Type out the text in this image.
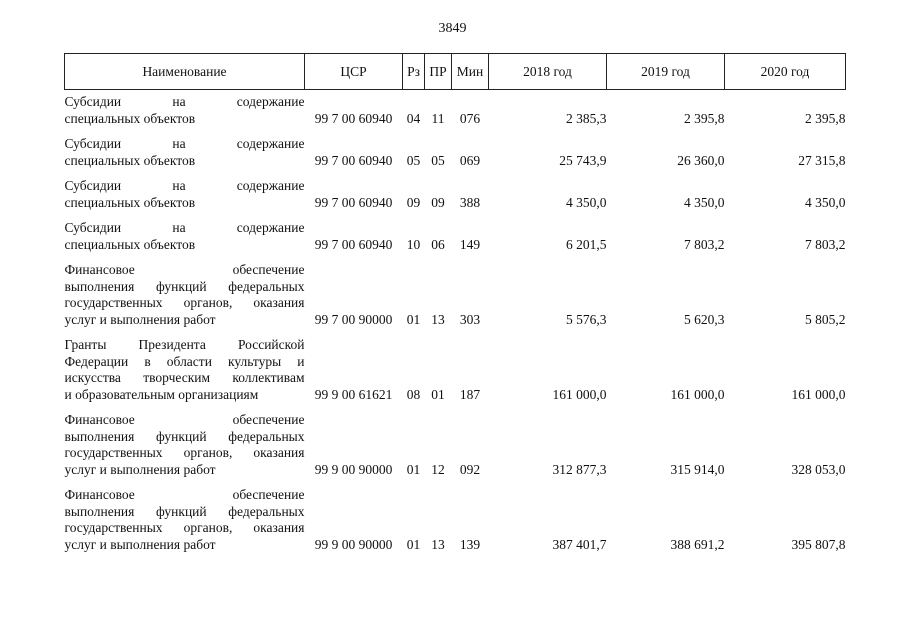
3849
Наименование	ЦСР	Рз	ПР	Мин	2018 год	2019 год	2020 год

Субсидии на содержание
специальных объектов	99 7 00 60940	04	11	076	2 385,3	2 395,8	2 395,8

Субсидии на содержание
специальных объектов	99 7 00 60940	05	05	069	25 743,9	26 360,0	27 315,8

Субсидии на содержание
специальных объектов	99 7 00 60940	09	09	388	4 350,0	4 350,0	4 350,0

Субсидии на содержание
специальных объектов	99 7 00 60940	10	06	149	6 201,5	7 803,2	7 803,2

Финансовое обеспечение
выполнения функций федеральных
государственных органов, оказания
услуг и выполнения работ	99 7 00 90000	01	13	303	5 576,3	5 620,3	5 805,2

Гранты Президента Российской
Федерации в области культуры и
искусства творческим коллективам
и образовательным организациям	99 9 00 61621	08	01	187	161 000,0	161 000,0	161 000,0

Финансовое обеспечение
выполнения функций федеральных
государственных органов, оказания
услуг и выполнения работ	99 9 00 90000	01	12	092	312 877,3	315 914,0	328 053,0

Финансовое обеспечение
выполнения функций федеральных
государственных органов, оказания
услуг и выполнения работ	99 9 00 90000	01	13	139	387 401,7	388 691,2	395 807,8
